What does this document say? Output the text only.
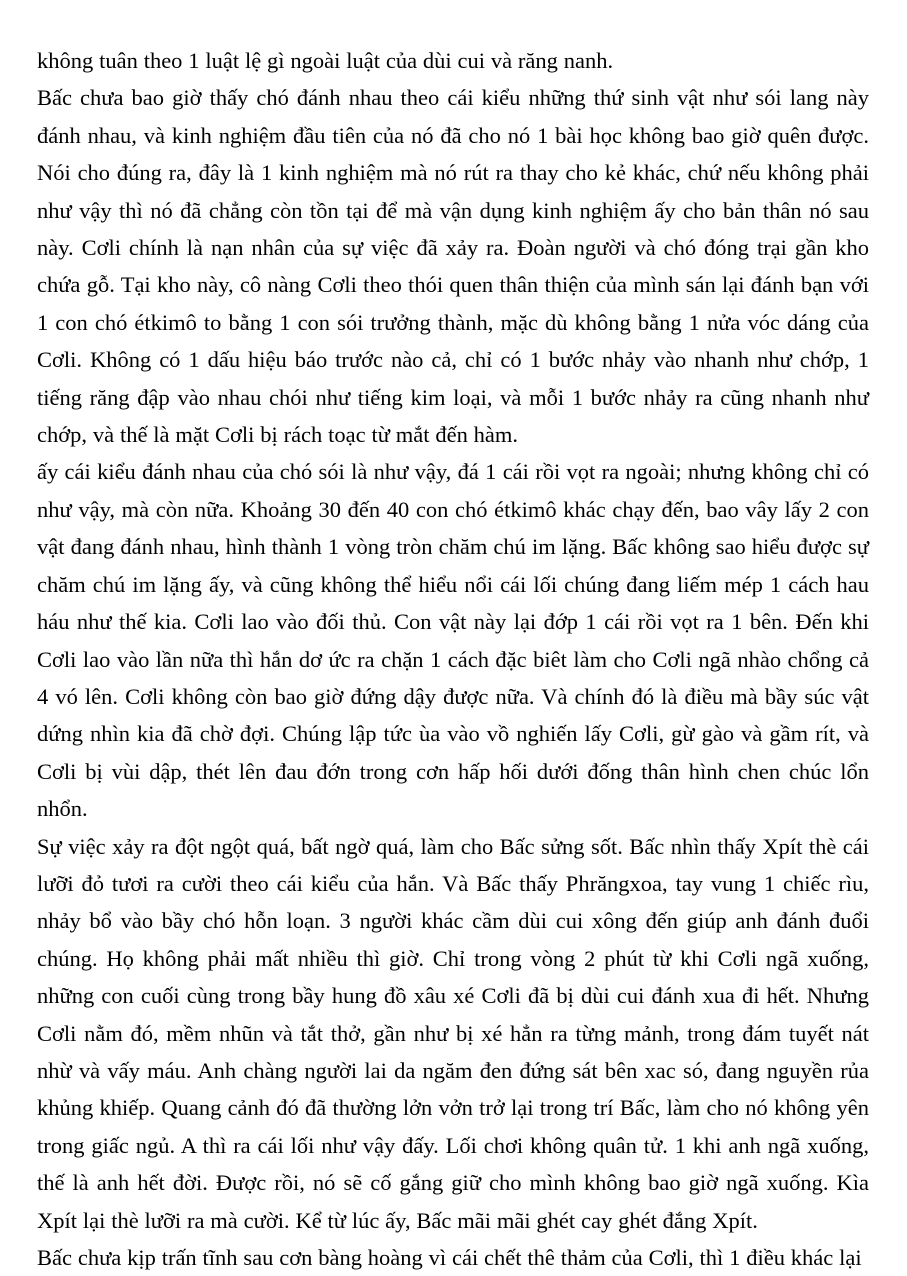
không tuân theo 1 luật lệ gì ngoài luật của dùi cui và răng nanh.

Bấc chưa bao giờ thấy chó đánh nhau theo cái kiểu những thứ sinh vật như sói lang này đánh nhau, và kinh nghiệm đầu tiên của nó đã cho nó 1 bài học không bao giờ quên được. Nói cho đúng ra, đây là 1 kinh nghiệm mà nó rút ra thay cho kẻ khác, chứ nếu không phải như vậy thì nó đã chẳng còn tồn tại để mà vận dụng kinh nghiệm ấy cho bản thân nó sau này. Cơli chính là nạn nhân của sự việc đã xảy ra. Đoàn người và chó đóng trại gần kho chứa gỗ. Tại kho này, cô nàng Cơli theo thói quen thân thiện của mình sán lại đánh bạn với 1 con chó étkimô to bằng 1 con sói trưởng thành, mặc dù không bằng 1 nửa vóc dáng của Cơli. Không có 1 dấu hiệu báo trước nào cả, chỉ có 1 bước nhảy vào nhanh như chớp, 1 tiếng răng đập vào nhau chói như tiếng kim loại, và mỗi 1 bước nhảy ra cũng nhanh như chớp, và thế là mặt Cơli bị rách toạc từ mắt đến hàm.

ấy cái kiểu đánh nhau của chó sói là như vậy, đá 1 cái rồi vọt ra ngoài; nhưng không chỉ có như vậy, mà còn nữa. Khoảng 30 đến 40 con chó étkimô khác chạy đến, bao vây lấy 2 con vật đang đánh nhau, hình thành 1 vòng tròn chăm chú im lặng. Bấc không sao hiểu được sự chăm chú im lặng ấy, và cũng không thể hiểu nổi cái lối chúng đang liếm mép 1 cách hau háu như thế kia. Cơli lao vào đối thủ. Con vật này lại đớp 1 cái rồi vọt ra 1 bên. Đến khi Cơli lao vào lần nữa thì hắn dơ ức ra chặn 1 cách đặc biêt làm cho Cơli ngã nhào chổng cả 4 vó lên. Cơli không còn bao giờ đứng dậy được nữa. Và chính đó là điều mà bầy súc vật dứng nhìn kia đã chờ đợi. Chúng lập tức ùa vào vồ nghiến lấy Cơli, gừ gào và gầm rít, và Cơli bị vùi dập, thét lên đau đớn trong cơn hấp hối dưới đống thân hình chen chúc lổn nhổn.

Sự việc xảy ra đột ngột quá, bất ngờ quá, làm cho Bấc sửng sốt. Bấc nhìn thấy Xpít thè cái lưỡi đỏ tươi ra cười theo cái kiểu của hắn. Và Bấc thấy Phrăngxoa, tay vung 1 chiếc rìu, nhảy bổ vào bầy chó hỗn loạn. 3 người khác cầm dùi cui xông đến giúp anh đánh đuổi chúng. Họ không phải mất nhiều thì giờ. Chỉ trong vòng 2 phút từ khi Cơli ngã xuống, những con cuối cùng trong bầy hung đồ xâu xé Cơli đã bị dùi cui đánh xua đi hết. Nhưng Cơli nằm đó, mềm nhũn và tắt thở, gần như bị xé hẳn ra từng mảnh, trong đám tuyết nát nhừ và vấy máu. Anh chàng người lai da ngăm đen đứng sát bên xac só, đang nguyền rủa khủng khiếp. Quang cảnh đó đã thường lởn vởn trở lại trong trí Bấc, làm cho nó không yên trong giấc ngủ. A thì ra cái lối như vậy đấy. Lối chơi không quân tử. 1 khi anh ngã xuống, thế là anh hết đời. Được rồi, nó sẽ cố gắng giữ cho mình không bao giờ ngã xuống. Kìa Xpít lại thè lưỡi ra mà cười. Kể từ lúc ấy, Bấc mãi mãi ghét cay ghét đắng Xpít.

Bấc chưa kịp trấn tĩnh sau cơn bàng hoàng vì cái chết thê thảm của Cơli, thì 1 điều khác lại
